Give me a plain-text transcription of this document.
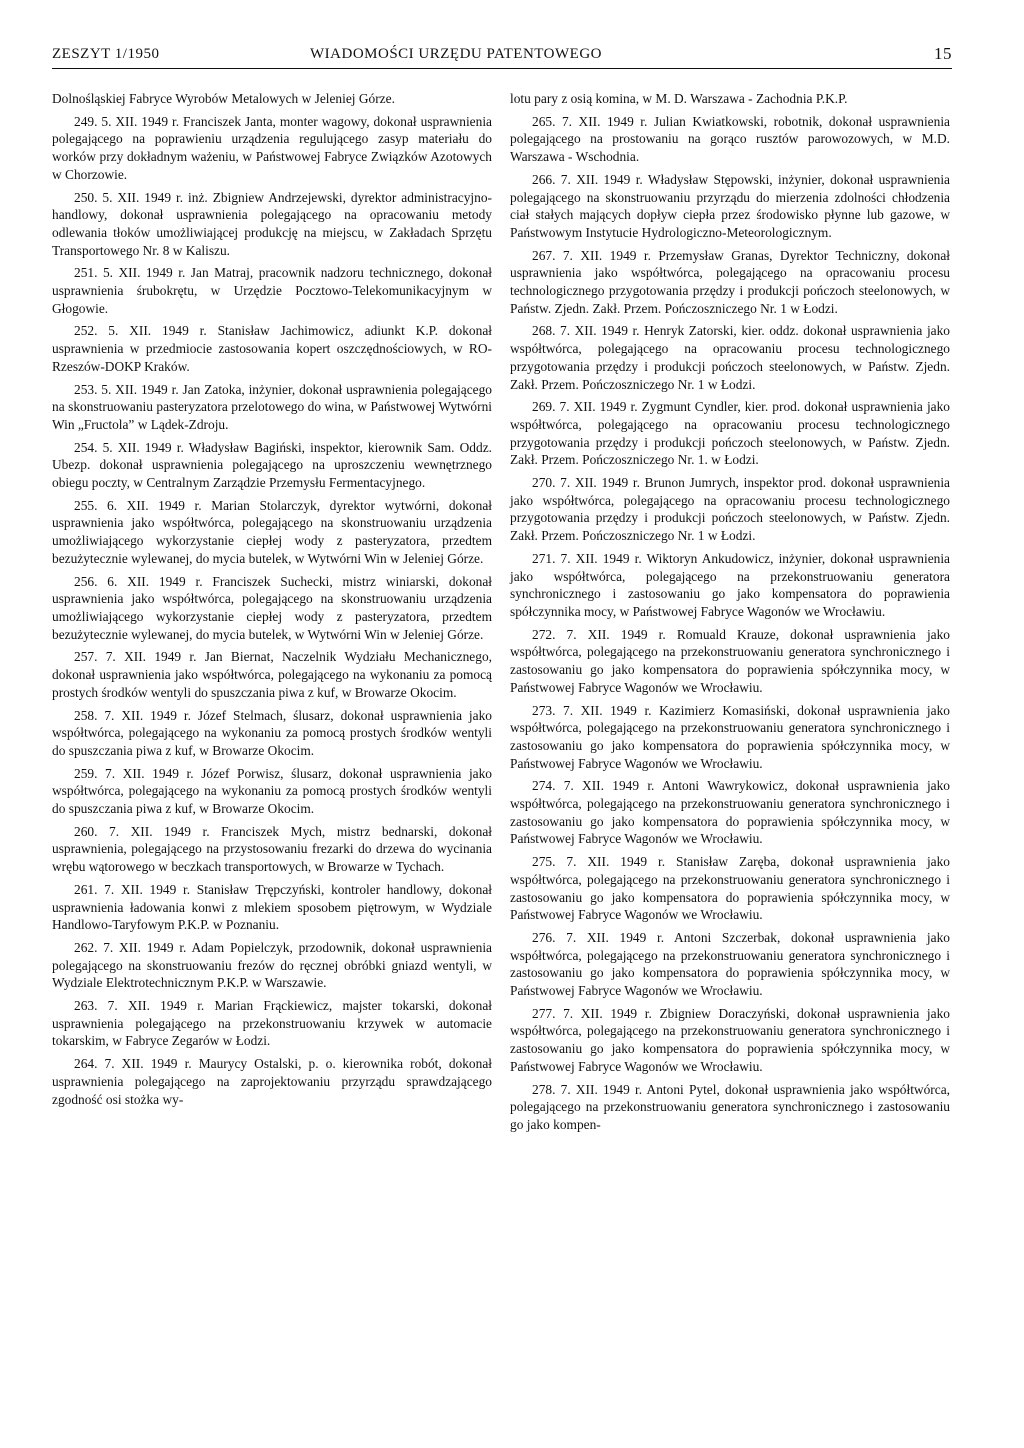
ZESZYT 1/1950	WIADOMOŚCI URZĘDU PATENTOWEGO	15

Dolnośląskiej Fabryce Wyrobów Metalowych w Jeleniej Górze.

249. 5. XII. 1949 r. Franciszek Janta, monter wagowy, dokonał usprawnienia polegającego na poprawieniu urządzenia regulującego zasyp materiału do worków przy dokładnym ważeniu, w Państwowej Fabryce Związków Azotowych w Chorzowie.

250. 5. XII. 1949 r. inż. Zbigniew Andrzejewski, dyrektor administracyjno-handlowy, dokonał usprawnienia polegającego na opracowaniu metody odlewania tłoków umożliwiającej produkcję na miejscu, w Zakładach Sprzętu Transportowego Nr. 8 w Kaliszu.

251. 5. XII. 1949 r. Jan Matraj, pracownik nadzoru technicznego, dokonał usprawnienia śrubokrętu, w Urzędzie Pocztowo-Telekomunikacyjnym w Głogowie.

252. 5. XII. 1949 r. Stanisław Jachimowicz, adiunkt K.P. dokonał usprawnienia w przedmiocie zastosowania kopert oszczędnościowych, w RO-Rzeszów-DOKP Kraków.

253. 5. XII. 1949 r. Jan Zatoka, inżynier, dokonał usprawnienia polegającego na skonstruowaniu pasteryzatora przelotowego do wina, w Państwowej Wytwórni Win „Fructola” w Lądek-Zdroju.

254. 5. XII. 1949 r. Władysław Bagiński, inspektor, kierownik Sam. Oddz. Ubezp. dokonał usprawnienia polegającego na uproszczeniu wewnętrznego obiegu poczty, w Centralnym Zarządzie Przemysłu Fermentacyjnego.

255. 6. XII. 1949 r. Marian Stolarczyk, dyrektor wytwórni, dokonał usprawnienia jako współtwórca, polegającego na skonstruowaniu urządzenia umożliwiającego wykorzystanie ciepłej wody z pasteryzatora, przedtem bezużytecznie wylewanej, do mycia butelek, w Wytwórni Win w Jeleniej Górze.

256. 6. XII. 1949 r. Franciszek Suchecki, mistrz winiarski, dokonał usprawnienia jako współtwórca, polegającego na skonstruowaniu urządzenia umożliwiającego wykorzystanie ciepłej wody z pasteryzatora, przedtem bezużytecznie wylewanej, do mycia butelek, w Wytwórni Win w Jeleniej Górze.

257. 7. XII. 1949 r. Jan Biernat, Naczelnik Wydziału Mechanicznego, dokonał usprawnienia jako współtwórca, polegającego na wykonaniu za pomocą prostych środków wentyli do spuszczania piwa z kuf, w Browarze Okocim.

258. 7. XII. 1949 r. Józef Stelmach, ślusarz, dokonał usprawnienia jako współtwórca, polegającego na wykonaniu za pomocą prostych środków wentyli do spuszczania piwa z kuf, w Browarze Okocim.

259. 7. XII. 1949 r. Józef Porwisz, ślusarz, dokonał usprawnienia jako współtwórca, polegającego na wykonaniu za pomocą prostych środków wentyli do spuszczania piwa z kuf, w Browarze Okocim.

260. 7. XII. 1949 r. Franciszek Mych, mistrz bednarski, dokonał usprawnienia, polegającego na przystosowaniu frezarki do drzewa do wycinania wrębu wątorowego w beczkach transportowych, w Browarze w Tychach.

261. 7. XII. 1949 r. Stanisław Trępczyński, kontroler handlowy, dokonał usprawnienia ładowania konwi z mlekiem sposobem piętrowym, w Wydziale Handlowo-Taryfowym P.K.P. w Poznaniu.

262. 7. XII. 1949 r. Adam Popielczyk, przodownik, dokonał usprawnienia polegającego na skonstruowaniu frezów do ręcznej obróbki gniazd wentyli, w Wydziale Elektrotechnicznym P.K.P. w Warszawie.

263. 7. XII. 1949 r. Marian Frąckiewicz, majster tokarski, dokonał usprawnienia polegającego na przekonstruowaniu krzywek w automacie tokarskim, w Fabryce Zegarów w Łodzi.

264. 7. XII. 1949 r. Maurycy Ostalski, p. o. kierownika robót, dokonał usprawnienia polegającego na zaprojektowaniu przyrządu sprawdzającego zgodność osi stożka wy-

lotu pary z osią komina, w M. D. Warszawa - Zachodnia P.K.P.

265. 7. XII. 1949 r. Julian Kwiatkowski, robotnik, dokonał usprawnienia polegającego na prostowaniu na gorąco rusztów parowozowych, w M.D. Warszawa - Wschodnia.

266. 7. XII. 1949 r. Władysław Stępowski, inżynier, dokonał usprawnienia polegającego na skonstruowaniu przyrządu do mierzenia zdolności chłodzenia ciał stałych mających dopływ ciepła przez środowisko płynne lub gazowe, w Państwowym Instytucie Hydrologiczno-Meteorologicznym.

267. 7. XII. 1949 r. Przemysław Granas, Dyrektor Techniczny, dokonał usprawnienia jako współtwórca, polegającego na opracowaniu procesu technologicznego przygotowania przędzy i produkcji pończoch steelonowych, w Państw. Zjedn. Zakł. Przem. Pończoszniczego Nr. 1 w Łodzi.

268. 7. XII. 1949 r. Henryk Zatorski, kier. oddz. dokonał usprawnienia jako współtwórca, polegającego na opracowaniu procesu technologicznego przygotowania przędzy i produkcji pończoch steelonowych, w Państw. Zjedn. Zakł. Przem. Pończoszniczego Nr. 1 w Łodzi.

269. 7. XII. 1949 r. Zygmunt Cyndler, kier. prod. dokonał usprawnienia jako współtwórca, polegającego na opracowaniu procesu technologicznego przygotowania przędzy i produkcji pończoch steelonowych, w Państw. Zjedn. Zakł. Przem. Pończoszniczego Nr. 1. w Łodzi.

270. 7. XII. 1949 r. Brunon Jumrych, inspektor prod. dokonał usprawnienia jako współtwórca, polegającego na opracowaniu procesu technologicznego przygotowania przędzy i produkcji pończoch steelonowych, w Państw. Zjedn. Zakł. Przem. Pończoszniczego Nr. 1 w Łodzi.

271. 7. XII. 1949 r. Wiktoryn Ankudowicz, inżynier, dokonał usprawnienia jako współtwórca, polegającego na przekonstruowaniu generatora synchronicznego i zastosowaniu go jako kompensatora do poprawienia spółczynnika mocy, w Państwowej Fabryce Wagonów we Wrocławiu.

272. 7. XII. 1949 r. Romuald Krauze, dokonał usprawnienia jako współtwórca, polegającego na przekonstruowaniu generatora synchronicznego i zastosowaniu go jako kompensatora do poprawienia spółczynnika mocy, w Państwowej Fabryce Wagonów we Wrocławiu.

273. 7. XII. 1949 r. Kazimierz Komasiński, dokonał usprawnienia jako współtwórca, polegającego na przekonstruowaniu generatora synchronicznego i zastosowaniu go jako kompensatora do poprawienia spółczynnika mocy, w Państwowej Fabryce Wagonów we Wrocławiu.

274. 7. XII. 1949 r. Antoni Wawrykowicz, dokonał usprawnienia jako współtwórca, polegającego na przekonstruowaniu generatora synchronicznego i zastosowaniu go jako kompensatora do poprawienia spółczynnika mocy, w Państwowej Fabryce Wagonów we Wrocławiu.

275. 7. XII. 1949 r. Stanisław Zaręba, dokonał usprawnienia jako współtwórca, polegającego na przekonstruowaniu generatora synchronicznego i zastosowaniu go jako kompensatora do poprawienia spółczynnika mocy, w Państwowej Fabryce Wagonów we Wrocławiu.

276. 7. XII. 1949 r. Antoni Szczerbak, dokonał usprawnienia jako współtwórca, polegającego na przekonstruowaniu generatora synchronicznego i zastosowaniu go jako kompensatora do poprawienia spółczynnika mocy, w Państwowej Fabryce Wagonów we Wrocławiu.

277. 7. XII. 1949 r. Zbigniew Doraczyński, dokonał usprawnienia jako współtwórca, polegającego na przekonstruowaniu generatora synchronicznego i zastosowaniu go jako kompensatora do poprawienia spółczynnika mocy, w Państwowej Fabryce Wagonów we Wrocławiu.

278. 7. XII. 1949 r. Antoni Pytel, dokonał usprawnienia jako współtwórca, polegającego na przekonstruowaniu generatora synchronicznego i zastosowaniu go jako kompen-
